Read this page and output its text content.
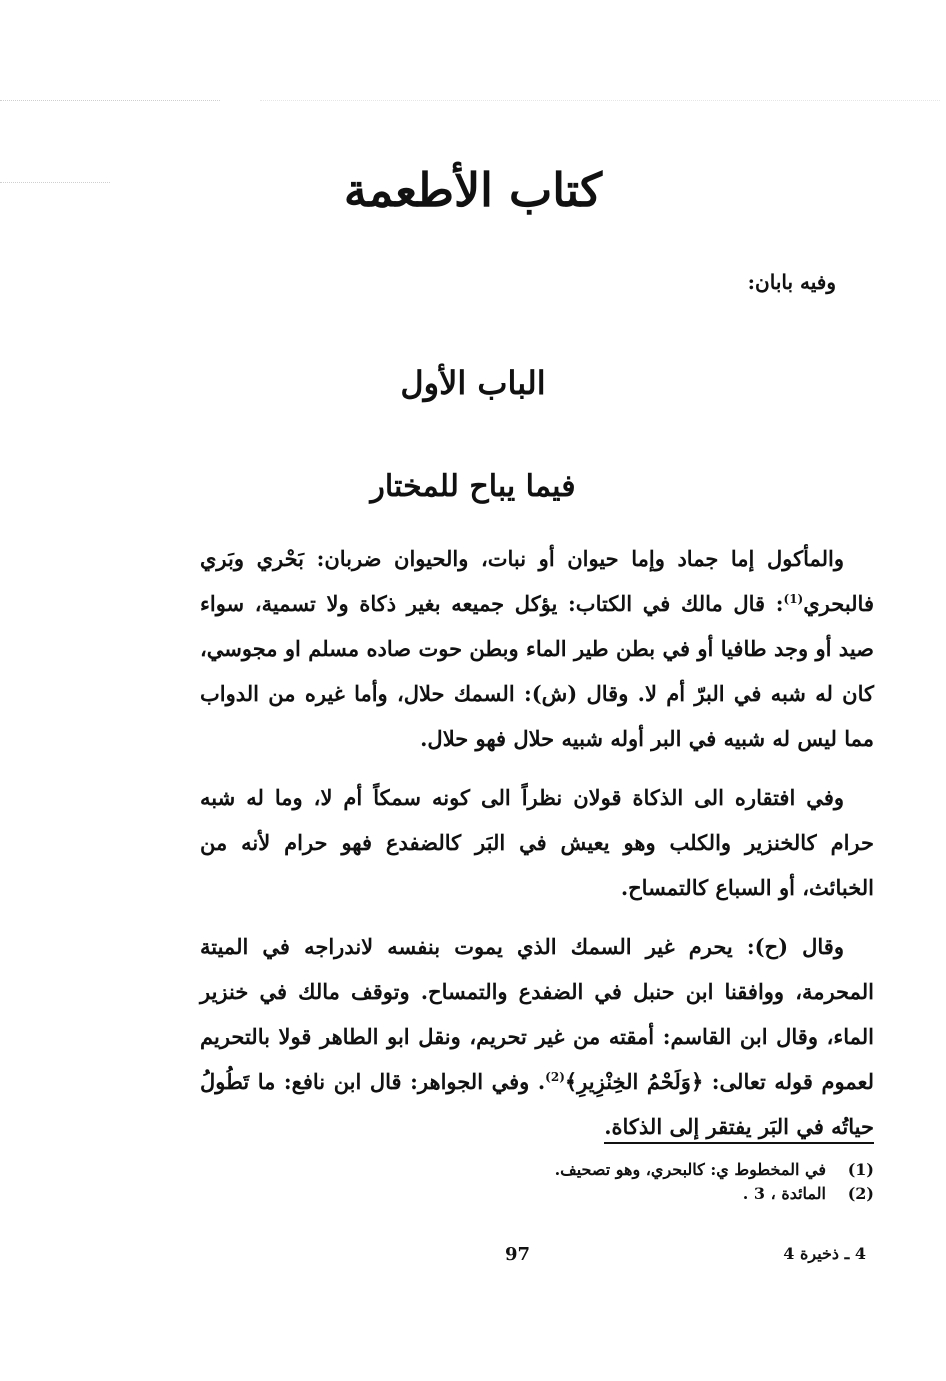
كتاب الأطعمة
وفيه بابان:
الباب الأول
فيما يباح للمختار

والمأكول إما جماد وإما حيوان أو نبات، والحيوان ضربان: بَحْري وبَري فالبحري$^{(1)}$: قال مالك في الكتاب: يؤكل جميعه بغير ذكاة ولا تسمية، سواء صيد أو وجد طافيا أو في بطن طير الماء وبطن حوت صاده مسلم او مجوسي، كان له شبه في البرّ أم لا. وقال (ش): السمك حلال، وأما غيره من الدواب مما ليس له شبيه في البر أوله شبيه حلال فهو حلال.

وفي افتقاره الى الذكاة قولان نظراً الى كونه سمكاً أم لا، وما له شبه حرام كالخنزير والكلب وهو يعيش في البَر كالضفدع فهو حرام لأنه من الخبائث، أو السباع كالتمساح.

وقال (ح): يحرم غير السمك الذي يموت بنفسه لاندراجه في الميتة المحرمة، ووافقنا ابن حنبل في الضفدع والتمساح. وتوقف مالك في خنزير الماء، وقال ابن القاسم: أمقته من غير تحريم، ونقل ابو الطاهر قولا بالتحريم لعموم قوله تعالى: ﴿وَلَحْمُ الخِنْزِيرِ﴾$^{(2)}$. وفي الجواهر: قال ابن نافع: ما تَطُولُ حياتُه في البَر يفتقر إلى الذكاة.

(1)
في المخطوط ي: كالبحري، وهو تصحيف.
(2)
المائدة ، 3 .
97	4 ـ ذخيرة 4
